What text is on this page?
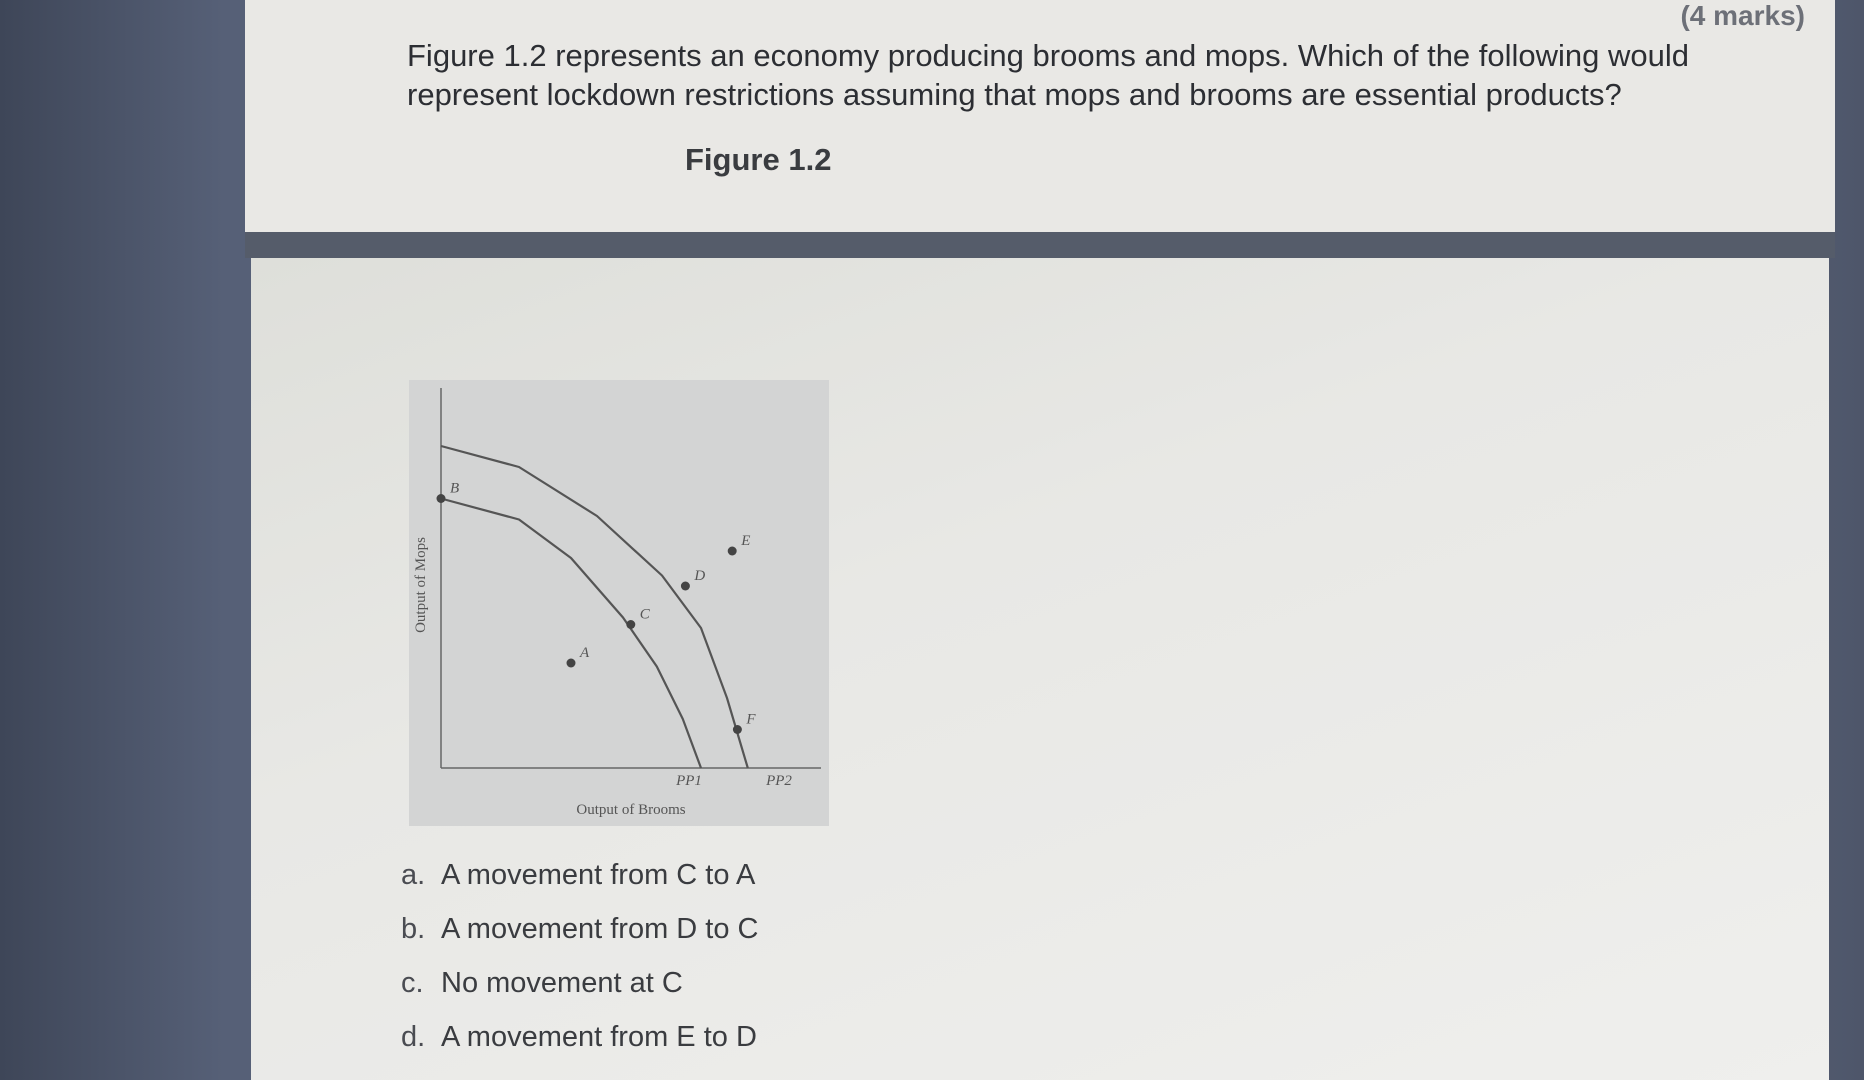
(4 marks)

Figure 1.2 represents an economy producing brooms and mops. Which of the following would represent lockdown restrictions assuming that mops and brooms are essential products?

Figure 1.2
A
B
C
D
E
F
PP1	PP2
Output of Brooms
Output of Mops
a. A movement from C to A
b. A movement from D to C
c. No movement at C
d. A movement from E to D
